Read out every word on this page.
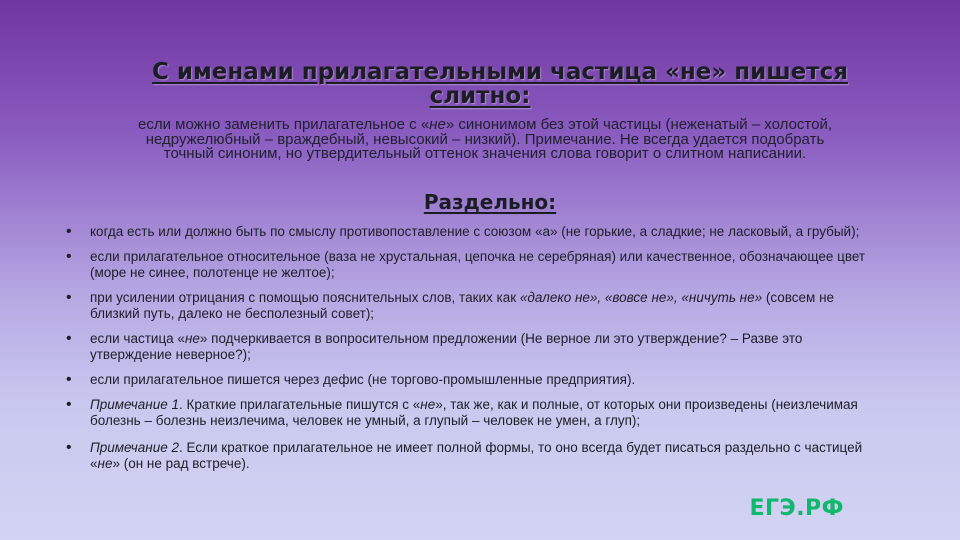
С именами прилагательными частица «не» пишется
слитно:

если можно заменить прилагательное с «не» синонимом без этой частицы (неженатый – холостой,

недружелюбный – враждебный, невысокий – низкий). Примечание. Не всегда удается подобрать

точный синоним, но утвердительный оттенок значения слова говорит о слитном написании.

Раздельно:
• когда есть или должно быть по смыслу противопоставление с союзом «а» (не горькие, а сладкие; не ласковый, а грубый);
• если прилагательное относительное (ваза не хрустальная, цепочка не серебряная) или качественное, обозначающее цвет (море не синее, полотенце не желтое);
• при усилении отрицания с помощью пояснительных слов, таких как «далеко не», «вовсе не», «ничуть не» (совсем не близкий путь, далеко не бесполезный совет);
• если частица «не» подчеркивается в вопросительном предложении (Не верное ли это утверждение? – Разве это утверждение неверное?);
• если прилагательное пишется через дефис (не торгово-промышленные предприятия).
• Примечание 1. Краткие прилагательные пишутся с «не», так же, как и полные, от которых они произведены (неизлечимая болезнь – болезнь неизлечима, человек не умный, а глупый – человек не умен, а глуп);
• Примечание 2. Если краткое прилагательное не имеет полной формы, то оно всегда будет писаться раздельно с частицей «не» (он не рад встрече).
ЕГЭ.РФ
